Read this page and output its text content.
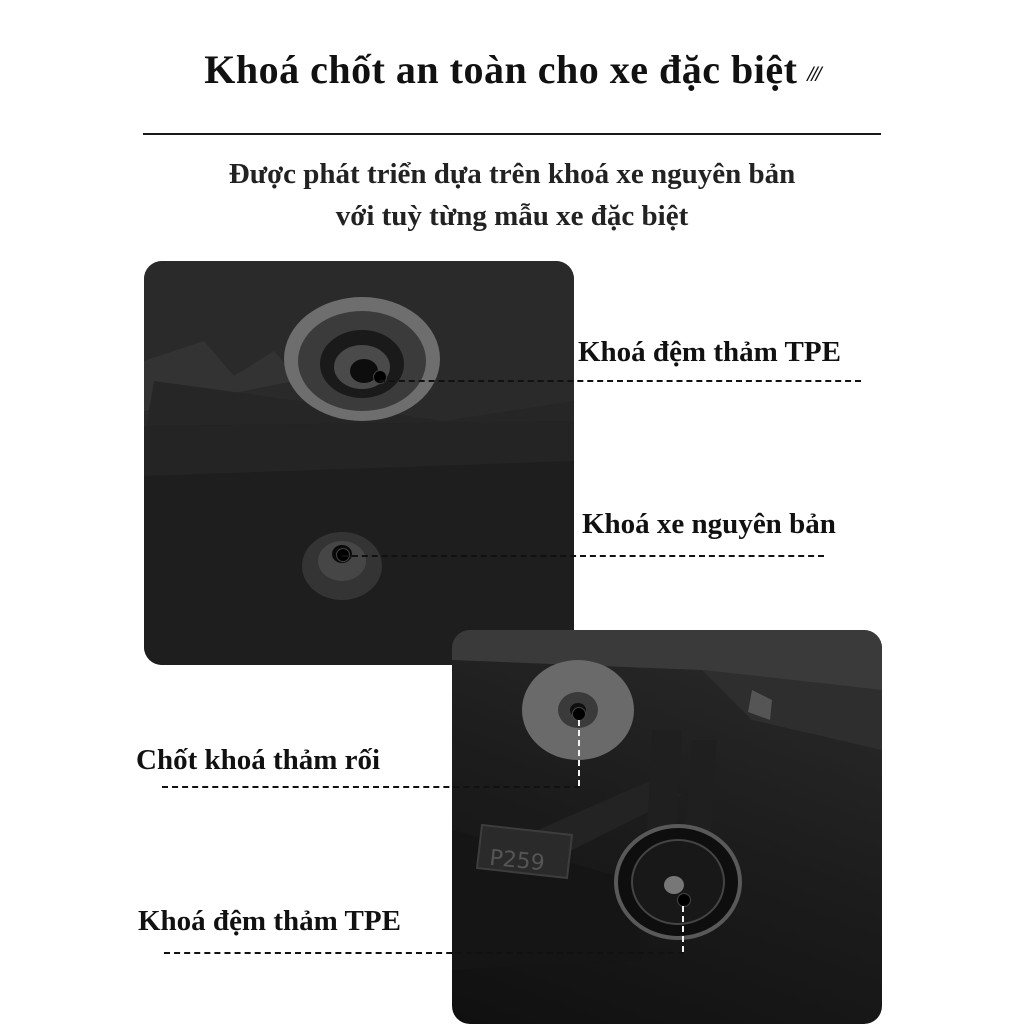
Khoá chốt an toàn cho xe đặc biệt ///
Được phát triển dựa trên khoá xe nguyên bản
với tuỳ từng mẫu xe đặc biệt
Khoá đệm thảm TPE
Khoá xe nguyên bản
P259
Chốt khoá thảm rối
Khoá đệm thảm TPE
